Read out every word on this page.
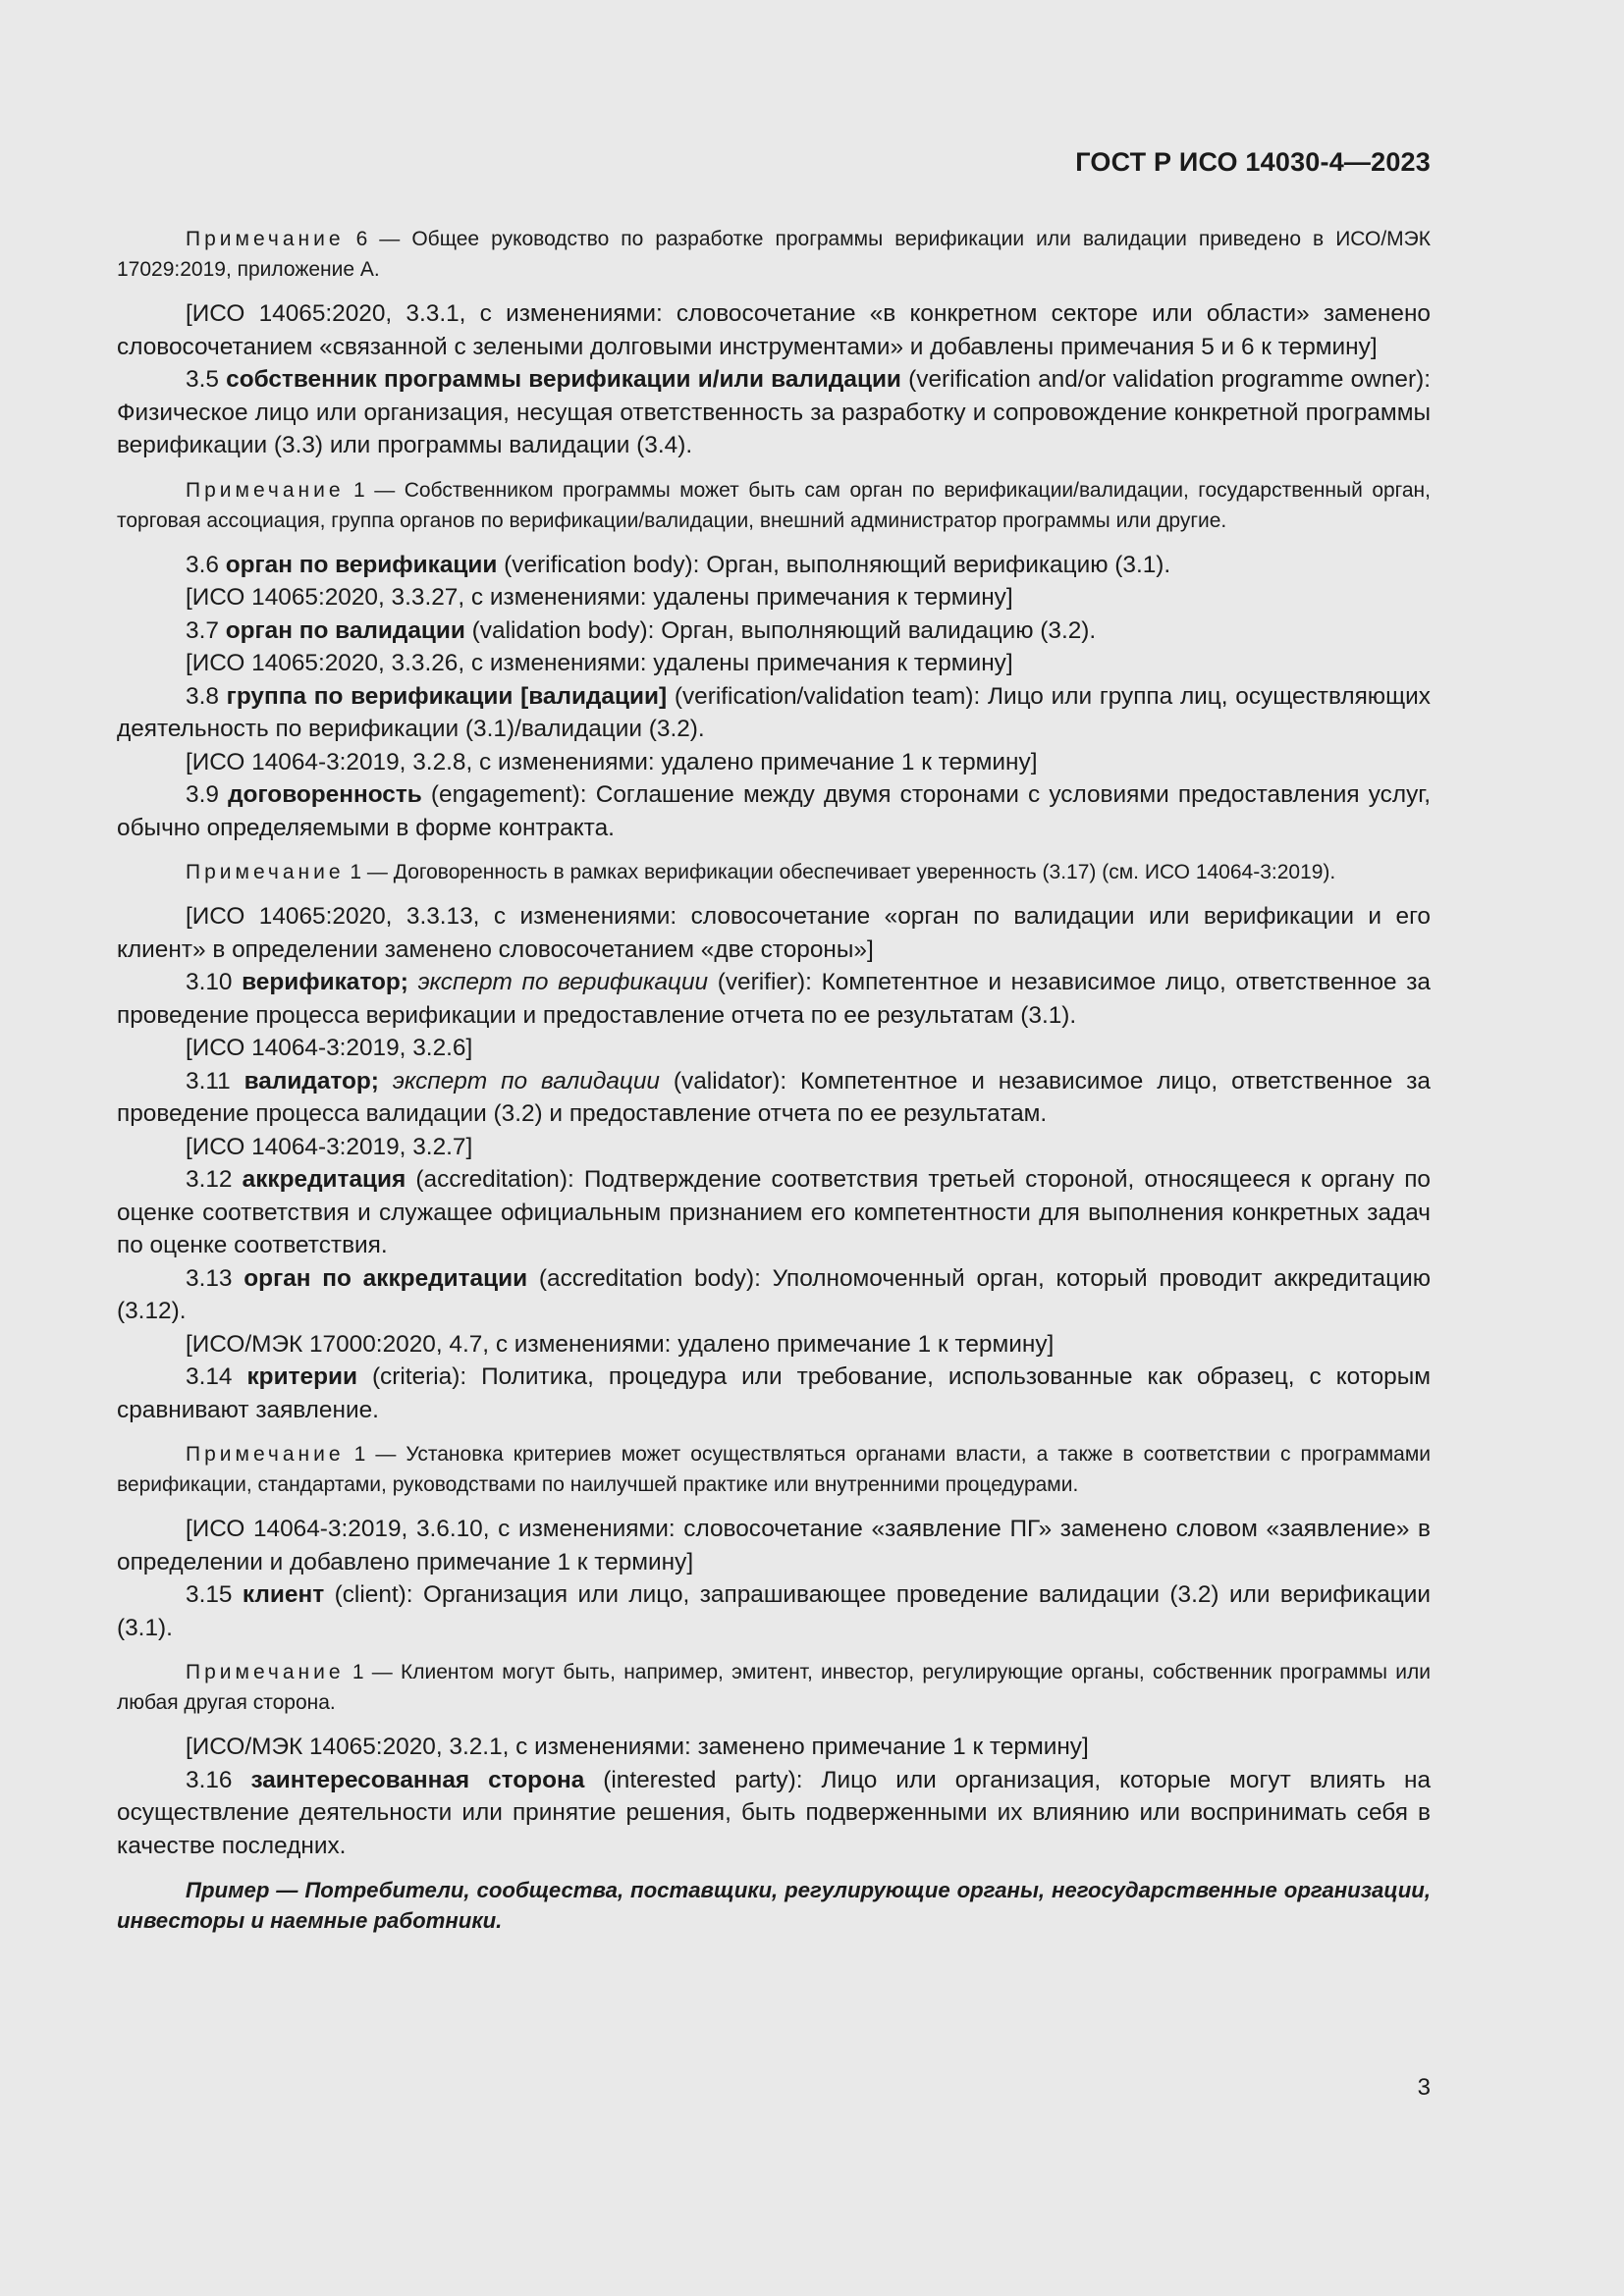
ГОСТ Р ИСО 14030-4—2023

Примечание 6 — Общее руководство по разработке программы верификации или валидации приведено в ИСО/МЭК 17029:2019, приложение А.

[ИСО 14065:2020, 3.3.1, с изменениями: словосочетание «в конкретном секторе или области» заменено словосочетанием «связанной с зелеными долговыми инструментами» и добавлены примечания 5 и 6 к термину]

3.5 собственник программы верификации и/или валидации (verification and/or validation programme owner): Физическое лицо или организация, несущая ответственность за разработку и сопровождение конкретной программы верификации (3.3) или программы валидации (3.4).

Примечание 1 — Собственником программы может быть сам орган по верификации/валидации, государственный орган, торговая ассоциация, группа органов по верификации/валидации, внешний администратор программы или другие.

3.6 орган по верификации (verification body): Орган, выполняющий верификацию (3.1).

[ИСО 14065:2020, 3.3.27, с изменениями: удалены примечания к термину]

3.7 орган по валидации (validation body): Орган, выполняющий валидацию (3.2).

[ИСО 14065:2020, 3.3.26, с изменениями: удалены примечания к термину]

3.8 группа по верификации [валидации] (verification/validation team): Лицо или группа лиц, осуществляющих деятельность по верификации (3.1)/валидации (3.2).

[ИСО 14064-3:2019, 3.2.8, с изменениями: удалено примечание 1 к термину]

3.9 договоренность (engagement): Соглашение между двумя сторонами с условиями предоставления услуг, обычно определяемыми в форме контракта.

Примечание 1 — Договоренность в рамках верификации обеспечивает уверенность (3.17) (см. ИСО 14064-3:2019).

[ИСО 14065:2020, 3.3.13, с изменениями: словосочетание «орган по валидации или верификации и его клиент» в определении заменено словосочетанием «две стороны»]

3.10 верификатор; эксперт по верификации (verifier): Компетентное и независимое лицо, ответственное за проведение процесса верификации и предоставление отчета по ее результатам (3.1).

[ИСО 14064-3:2019, 3.2.6]

3.11 валидатор; эксперт по валидации (validator): Компетентное и независимое лицо, ответственное за проведение процесса валидации (3.2) и предоставление отчета по ее результатам.

[ИСО 14064-3:2019, 3.2.7]

3.12 аккредитация (accreditation): Подтверждение соответствия третьей стороной, относящееся к органу по оценке соответствия и служащее официальным признанием его компетентности для выполнения конкретных задач по оценке соответствия.

3.13 орган по аккредитации (accreditation body): Уполномоченный орган, который проводит аккредитацию (3.12).

[ИСО/МЭК 17000:2020, 4.7, с изменениями: удалено примечание 1 к термину]

3.14 критерии (criteria): Политика, процедура или требование, использованные как образец, с которым сравнивают заявление.

Примечание 1 — Установка критериев может осуществляться органами власти, а также в соответствии с программами верификации, стандартами, руководствами по наилучшей практике или внутренними процедурами.

[ИСО 14064-3:2019, 3.6.10, с изменениями: словосочетание «заявление ПГ» заменено словом «заявление» в определении и добавлено примечание 1 к термину]

3.15 клиент (client): Организация или лицо, запрашивающее проведение валидации (3.2) или верификации (3.1).

Примечание 1 — Клиентом могут быть, например, эмитент, инвестор, регулирующие органы, собственник программы или любая другая сторона.

[ИСО/МЭК 14065:2020, 3.2.1, с изменениями: заменено примечание 1 к термину]

3.16 заинтересованная сторона (interested party): Лицо или организация, которые могут влиять на осуществление деятельности или принятие решения, быть подверженными их влиянию или воспринимать себя в качестве последних.

Пример — Потребители, сообщества, поставщики, регулирующие органы, негосударственные организации, инвесторы и наемные работники.

3
